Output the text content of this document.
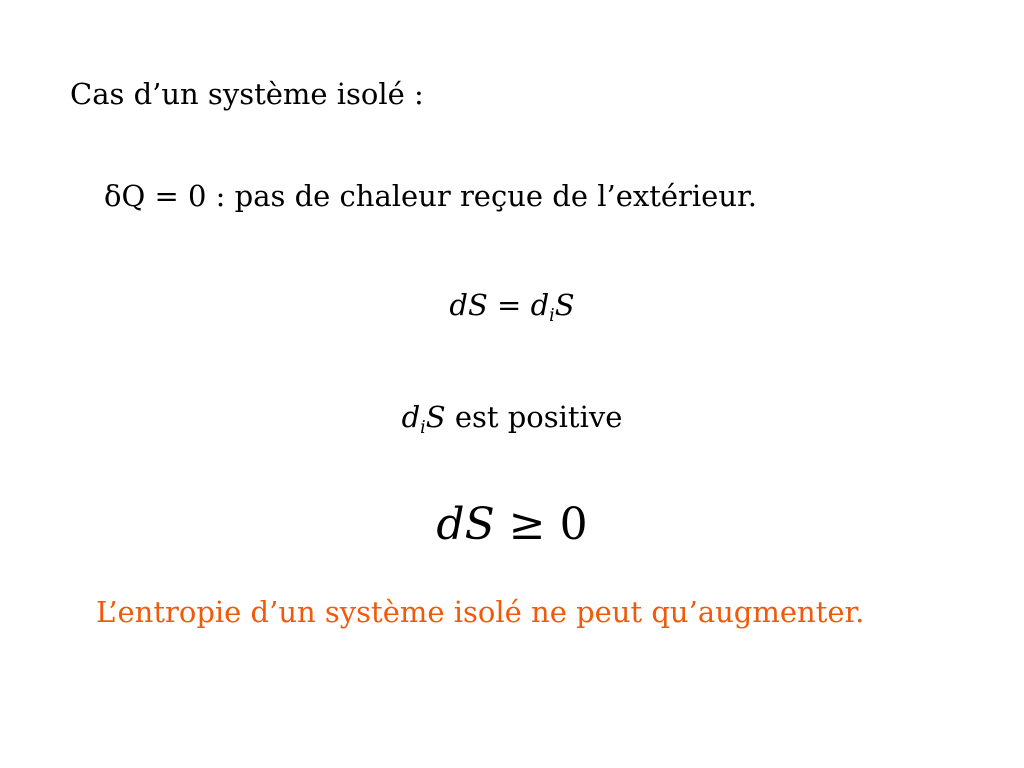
Cas d’un système isolé :
δQ = 0 : pas de chaleur reçue de l’extérieur.
dS = $d_iS$
$d_iS$ est positive
dS ≥ 0
L’entropie d’un système isolé ne peut qu’augmenter.
